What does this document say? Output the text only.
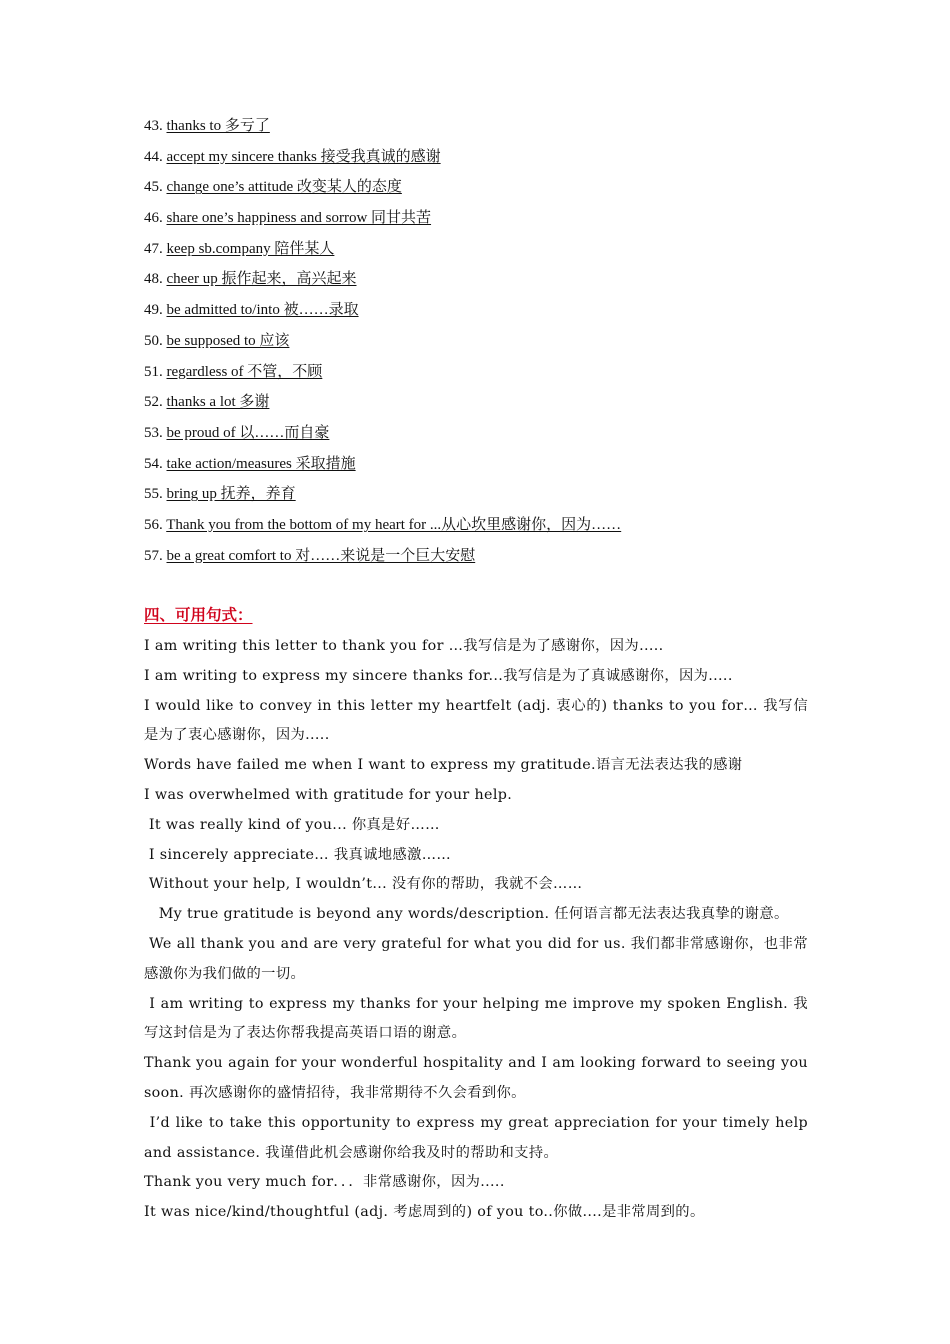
43. thanks to 多亏了
44. accept my sincere thanks 接受我真诚的感谢
45. change one’s attitude 改变某人的态度
46. share one’s happiness and sorrow 同甘共苦
47. keep sb.company 陪伴某人
48. cheer up 振作起来，高兴起来
49. be admitted to/into 被……录取
50. be supposed to 应该
51. regardless of 不管，不顾
52. thanks a lot 多谢
53. be proud of 以……而自豪
54. take action/measures 采取措施
55. bring up 抚养，养育
56. Thank you from the bottom of my heart for ...从心坎里感谢你，因为……
57. be a great comfort to 对……来说是一个巨大安慰
四、可用句式：
I am writing this letter to thank you for …我写信是为了感谢你，因为.....
I am writing to express my sincere thanks for...我写信是为了真诚感谢你，因为.....
I would like to convey in this letter my heartfelt (adj. 衷心的) thanks to you for… 我写信是为了衷心感谢你，因为.....
Words have failed me when I want to express my gratitude.语言无法表达我的感谢
I was overwhelmed with gratitude for your help.
It was really kind of you... 你真是好……
I sincerely appreciate… 我真诚地感激……
Without your help, I wouldn’t... 没有你的帮助，我就不会……
My true gratitude is beyond any words/description. 任何语言都无法表达我真挚的谢意。
We all thank you and are very grateful for what you did for us. 我们都非常感谢你，也非常感激你为我们做的一切。
I am writing to express my thanks for your helping me improve my spoken English. 我写这封信是为了表达你帮我提高英语口语的谢意。
Thank you again for your wonderful hospitality and I am looking forward to seeing you soon. 再次感谢你的盛情招待，我非常期待不久会看到你。
I’d like to take this opportunity to express my great appreciation for your timely help and assistance. 我谨借此机会感谢你给我及时的帮助和支持。
Thank you very much for．．．非常感谢你，因为.....
It was nice/kind/thoughtful (adj. 考虑周到的) of you to..你做....是非常周到的。
